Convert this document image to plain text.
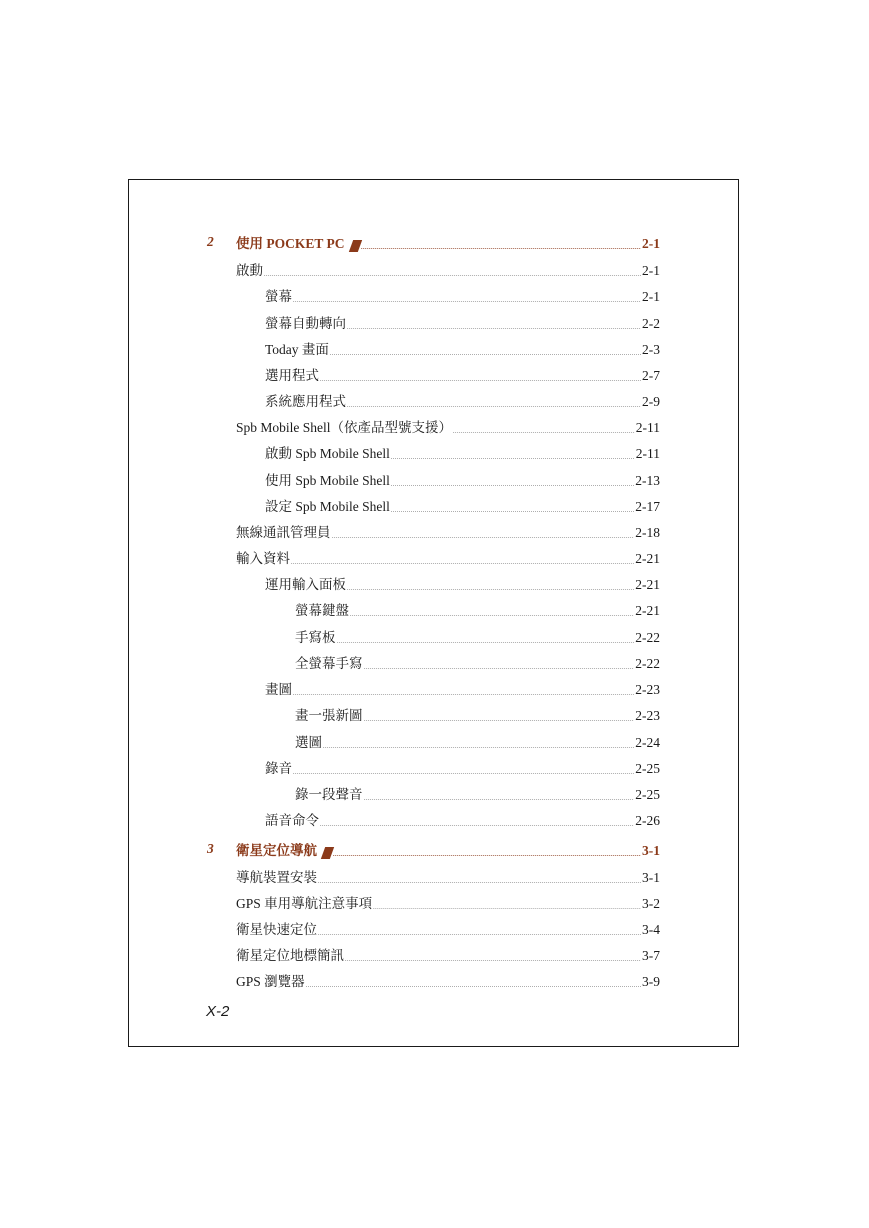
2 使用 POCKET PC . . .	2-1
啟動 . . .	2-1
螢幕 . . .	2-1
螢幕自動轉向 . . .	2-2
Today 畫面 . . .	2-3
選用程式 . . .	2-7
系統應用程式 . . .	2-9
Spb Mobile Shell（依產品型號支援） . . .	2-11
啟動 Spb Mobile Shell . . .	2-11
使用 Spb Mobile Shell . . .	2-13
設定 Spb Mobile Shell . . .	2-17
無線通訊管理員 . . .	2-18
輸入資料 . . .	2-21
運用輸入面板 . . .	2-21
螢幕鍵盤 . . .	2-21
手寫板 . . .	2-22
全螢幕手寫 . . .	2-22
畫圖 . . .	2-23
畫一張新圖 . . .	2-23
選圖 . . .	2-24
錄音 . . .	2-25
錄一段聲音 . . .	2-25
語音命令 . . .	2-26
3 衛星定位導航 . . .	3-1
導航裝置安裝 . . .	3-1
GPS 車用導航注意事項 . . .	3-2
衛星快速定位 . . .	3-4
衛星定位地標簡訊 . . .	3-7
GPS 瀏覽器 . . .	3-9
X-2
